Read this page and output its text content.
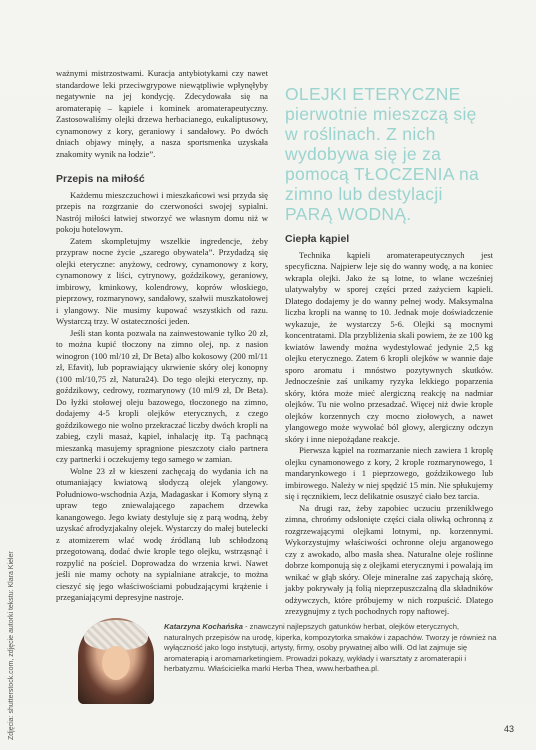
ważnymi mistrzostwami. Kuracja antybiotykami czy nawet standardowe leki przeciwgrypowe niewątpliwie wpłynęłyby negatywnie na jej kondycję. Zdecydowała się na aromaterapię – kąpiele i kominek aromaterapeutyczny. Zastosowaliśmy olejki drzewa herbacianego, eukaliptusowy, cynamonowy z kory, geraniowy i sandałowy. Po dwóch dniach objawy minęły, a nasza sportsmenka uzyskała znakomity wynik na łodzie”.

Przepis na miłość

Każdemu mieszczuchowi i mieszkańcowi wsi przyda się przepis na rozgrzanie do czerwoności swojej sypialni. Nastrój miłości łatwiej stworzyć we własnym domu niż w pokoju hotelowym.

Zatem skompletujmy wszelkie ingredencje, żeby przypraw nocne życie „szarego obywatela”. Przydadzą się olejki eteryczne: anyżowy, cedrowy, cynamonowy z kory, cynamonowy z liści, cytrynowy, goździkowy, geraniowy, imbirowy, kminkowy, kolendrowy, koprów włoskiego, pieprzowy, rozmarynowy, sandałowy, szałwii muszkatołowej i ylangowy. Nie musimy kupować wszystkich od razu. Wystarczą trzy. W ostateczności jeden.

Jeśli stan konta pozwala na zainwestowanie tylko 20 zł, to można kupić tłoczony na zimno olej, np. z nasion winogron (100 ml/10 zł, Dr Beta) albo kokosowy (200 ml/11 zł, Efavit), lub poprawiający ukrwienie skóry olej konopny (100 ml/10,75 zł, Natura24). Do tego olejki eteryczny, np. goździkowy, cedrowy, rozmarynowy (10 ml/9 zł, Dr Beta). Do łyżki stołowej oleju bazowego, tłoczonego na zimno, dodajemy 4-5 kropli olejków eterycznych, z czego goździkowego nie wolno przekraczać liczby dwóch kropli na zabieg, czyli masaż, kąpiel, inhalację itp. Tą pachnącą mieszanką masujemy spragnione pieszczoty ciało partnera czy partnerki i oczekujemy tego samego w zamian.

Wolne 23 zł w kieszeni zachęcają do wydania ich na otumaniający kwiatową słodyczą olejek ylangowy. Południowo-wschodnia Azja, Madagaskar i Komory słyną z upraw tego zniewalającego zapachem drzewka kanangowego. Jego kwiaty destyluje się z parą wodną, żeby uzyskać afrodyzjakalny olejek. Wystarczy do małej butelecki z atomizerem wlać wodę źródlaną lub schłodzoną przegotowaną, dodać dwie krople tego olejku, wstrząsnąć i rozpylić na pościel. Doprowadza do wrzenia krwi. Nawet jeśli nie mamy ochoty na sypialniane atrakcje, to można cieszyć się jego właściwościami pobudzającymi krążenie i przeganiającymi depresyjne nastroje.

OLEJKI ETERYCZNE pierwotnie mieszczą się w roślinach. Z nich wydobywa się je za pomocą TŁOCZENIA na zimno lub destylacji PARĄ WODNĄ.

Ciepła kąpiel

Technika kąpieli aromaterapeutycznych jest specyficzna. Najpierw leje się do wanny wodę, a na koniec wkrapla olejki. Jako że są lotne, to wlane wcześniej ulatywałyby w sporej części przed zażyciem kąpieli. Dlatego dodajemy je do wanny pełnej wody. Maksymalna liczba kropli na wannę to 10. Jednak moje doświadczenie wykazuje, że wystarczy 5-6. Olejki są mocnymi koncentratami. Dla przybliżenia skali powiem, że ze 100 kg kwiatów lawendy można wydestylować jedynie 2,5 kg olejku eterycznego. Zatem 6 kropli olejków w wannie daje sporo aromatu i mnóstwo pozytywnych skutków. Jednocześnie zaś unikamy ryzyka lekkiego poparzenia skóry, która może mieć alergiczną reakcję na nadmiar olejków. Tu nie wolno przesadzać. Więcej niż dwie krople olejków korzennych czy mocno ziołowych, a nawet ylangowego może wywołać ból głowy, alergiczny odczyn skóry i inne niepożądane reakcje.

Pierwsza kąpiel na rozmarzanie niech zawiera 1 kroplę olejku cynamonowego z kory, 2 krople rozmarynowego, 1 mandarynkowego i 1 pieprzowego, goździkowego lub imbirowego. Należy w niej spędzić 15 min. Nie spłukujemy się i ręcznikiem, lecz delikatnie osuszyć ciało bez tarcia.

Na drugi raz, żeby zapobiec uczuciu przeniklwego zimna, chrońmy odsłonięte części ciała oliwką ochronną z rozgrzewającymi olejkami lotnymi, np. korzennymi. Wykorzystujmy właściwości ochronne oleju arganowego czy z awokado, albo masła shea. Naturalne oleje roślinne dobrze komponują się z olejkami eterycznymi i powalają im wnikać w głąb skóry. Oleje mineralne zaś zapychają skórę, jakby pokrywały ją folią nieprzepuszczalną dla składników odżywczych, które próbujemy w nich rozpuścić. Dlatego zrezygnujmy z tych pochodnych ropy naftowej.

Zdjęcia: shutterstock.com, zdjęcie autorki tekstu: Klara Kieler	Katarzyna Kochańska - znawczyni najlepszych gatunków herbat, olejków eterycznych, naturalnych przepisów na urodę, kiperka, kompozytorka smaków i zapachów. Tworzy je również na wyłączność jako logo instytucji, artysty, firmy, osoby prywatnej albo willi. Od lat zajmuje się aromaterapią i aromamarketingiem. Prowadzi pokazy, wykłady i warsztaty z aromaterapii i herbatyzmu. Właścicielka marki Herba Thea, www.herbathea.pl.
43
